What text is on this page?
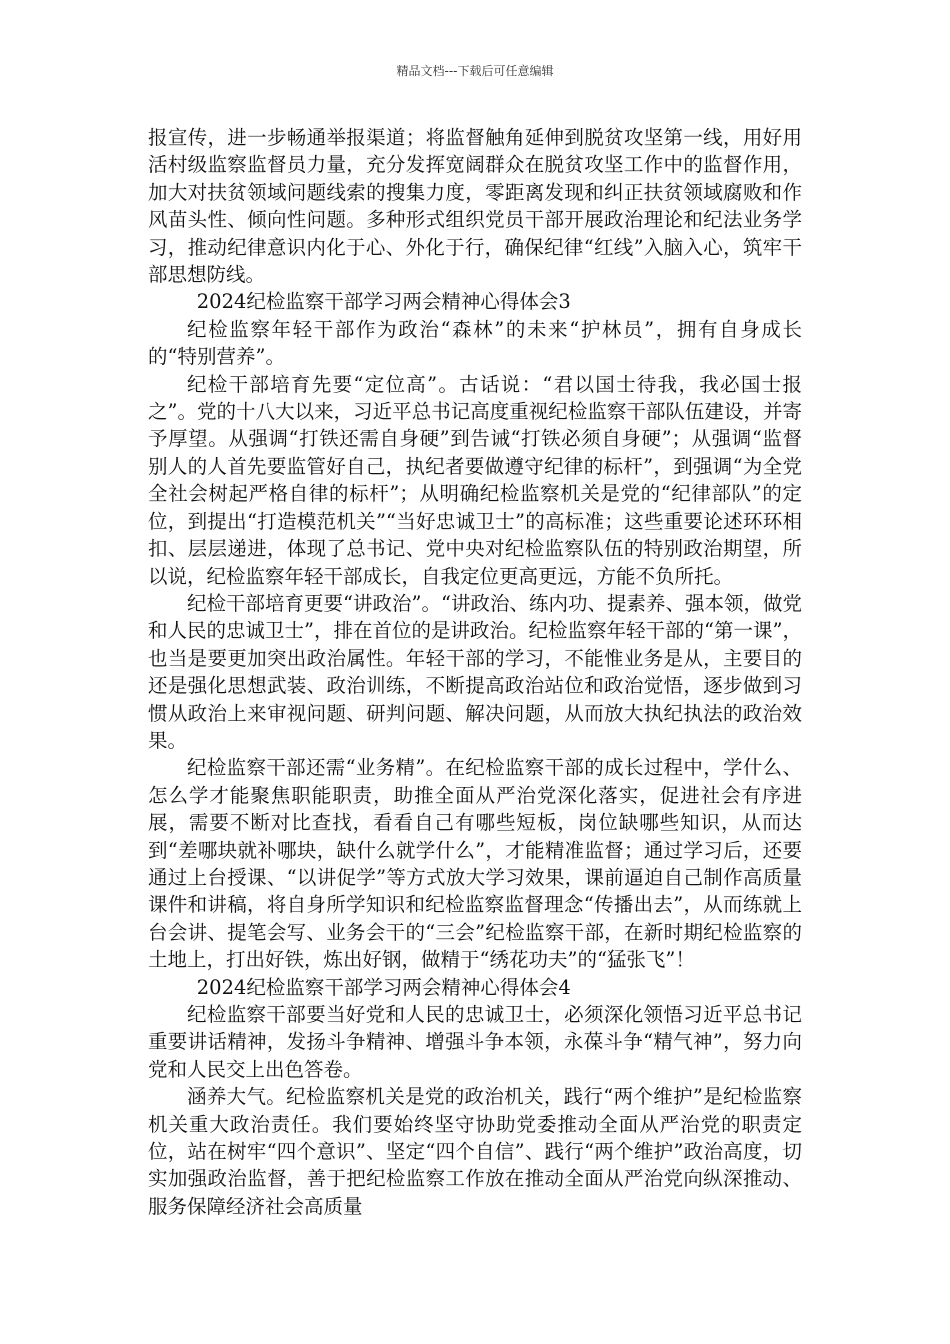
精品文档---下载后可任意编辑

报宣传，进一步畅通举报渠道；将监督触角延伸到脱贫攻坚第一线，用好用活村级监察监督员力量，充分发挥宽阔群众在脱贫攻坚工作中的监督作用，加大对扶贫领域问题线索的搜集力度，零距离发现和纠正扶贫领域腐败和作风苗头性、倾向性问题。多种形式组织党员干部开展政治理论和纪法业务学习，推动纪律意识内化于心、外化于行，确保纪律“红线”入脑入心，筑牢干部思想防线。

2024纪检监察干部学习两会精神心得体会3

纪检监察年轻干部作为政治“森林”的未来“护林员”，拥有自身成长的“特别营养”。

纪检干部培育先要“定位高”。古话说：“君以国士待我，我必国士报之”。党的十八大以来，习近平总书记高度重视纪检监察干部队伍建设，并寄予厚望。从强调“打铁还需自身硬”到告诫“打铁必须自身硬”；从强调“监督别人的人首先要监管好自己，执纪者要做遵守纪律的标杆”，到强调“为全党全社会树起严格自律的标杆”；从明确纪检监察机关是党的“纪律部队”的定位，到提出“打造模范机关”“当好忠诚卫士”的高标准；这些重要论述环环相扣、层层递进，体现了总书记、党中央对纪检监察队伍的特别政治期望，所以说，纪检监察年轻干部成长，自我定位更高更远，方能不负所托。

纪检干部培育更要“讲政治”。“讲政治、练内功、提素养、强本领，做党和人民的忠诚卫士”，排在首位的是讲政治。纪检监察年轻干部的“第一课”，也当是要更加突出政治属性。年轻干部的学习，不能惟业务是从，主要目的还是强化思想武装、政治训练，不断提高政治站位和政治觉悟，逐步做到习惯从政治上来审视问题、研判问题、解决问题，从而放大执纪执法的政治效果。

纪检监察干部还需“业务精”。在纪检监察干部的成长过程中，学什么、怎么学才能聚焦职能职责，助推全面从严治党深化落实，促进社会有序进展，需要不断对比查找，看看自己有哪些短板，岗位缺哪些知识，从而达到“差哪块就补哪块，缺什么就学什么”，才能精准监督；通过学习后，还要通过上台授课、“以讲促学”等方式放大学习效果，课前逼迫自己制作高质量课件和讲稿，将自身所学知识和纪检监察监督理念“传播出去”，从而练就上台会讲、提笔会写、业务会干的“三会”纪检监察干部，在新时期纪检监察的土地上，打出好铁，炼出好钢，做精于“绣花功夫”的“猛张飞”！

2024纪检监察干部学习两会精神心得体会4

纪检监察干部要当好党和人民的忠诚卫士，必须深化领悟习近平总书记重要讲话精神，发扬斗争精神、增强斗争本领，永葆斗争“精气神”，努力向党和人民交上出色答卷。

涵养大气。纪检监察机关是党的政治机关，践行“两个维护”是纪检监察机关重大政治责任。我们要始终坚守协助党委推动全面从严治党的职责定位，站在树牢“四个意识”、坚定“四个自信”、践行“两个维护”政治高度，切实加强政治监督，善于把纪检监察工作放在推动全面从严治党向纵深推动、服务保障经济社会高质量
